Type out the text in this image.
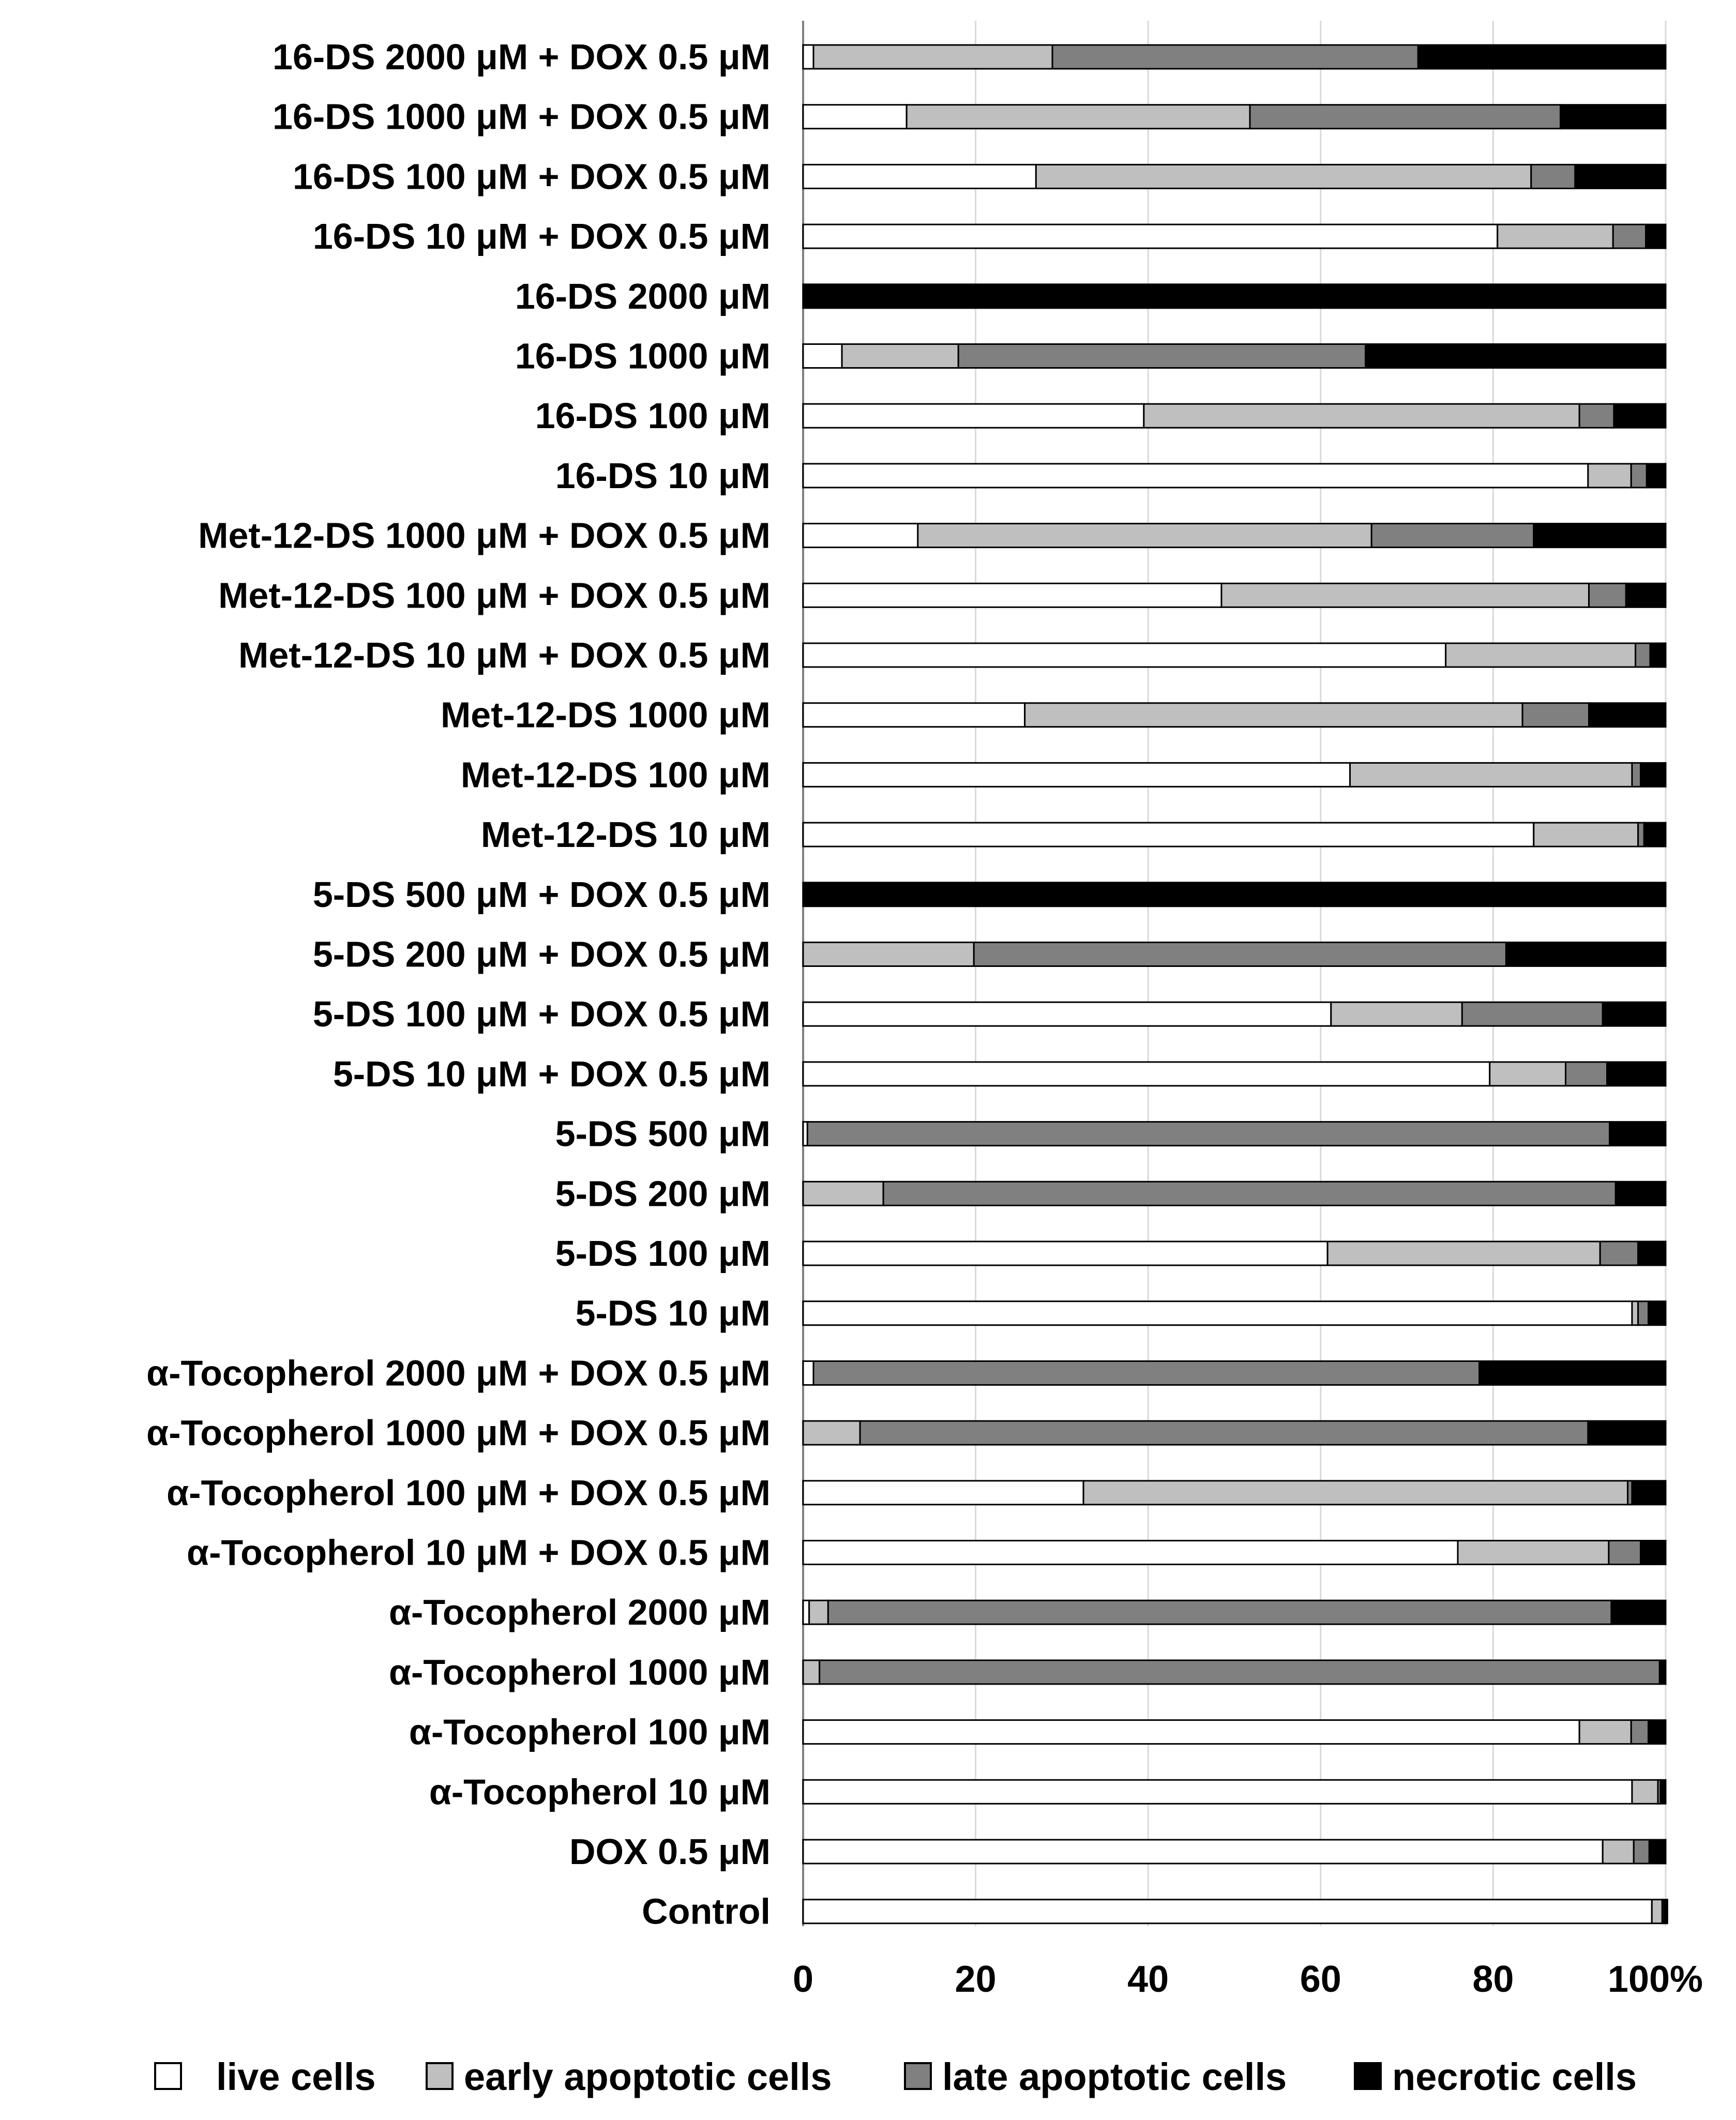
16-DS 2000 μM + DOX 0.5 μM
16-DS 1000 μM + DOX 0.5 μM
16-DS 100 μM + DOX 0.5 μM
16-DS 10 μM + DOX 0.5 μM
16-DS 2000 μM
16-DS 1000 μM
16-DS 100 μM
16-DS 10 μM
Met-12-DS 1000 μM + DOX 0.5 μM
Met-12-DS 100 μM + DOX 0.5 μM
Met-12-DS 10 μM + DOX 0.5 μM
Met-12-DS 1000 μM
Met-12-DS 100 μM
Met-12-DS 10 μM
5-DS 500 μM + DOX 0.5 μM
5-DS 200 μM + DOX 0.5 μM
5-DS 100 μM + DOX 0.5 μM
5-DS 10 μM + DOX 0.5 μM
5-DS 500 μM
5-DS 200 μM
5-DS 100 μM
5-DS 10 μM
α-Tocopherol 2000 μM + DOX 0.5 μM
α-Tocopherol 1000 μM + DOX 0.5 μM
α-Tocopherol 100 μM + DOX 0.5 μM
α-Tocopherol 10 μM + DOX 0.5 μM
α-Tocopherol 2000 μM
α-Tocopherol 1000 μM
α-Tocopherol 100 μM
α-Tocopherol 10 μM
DOX 0.5 μM
Control
0	20	40	60	80	100%
live cells early apoptotic cells	late apoptotic cells	necrotic cells
